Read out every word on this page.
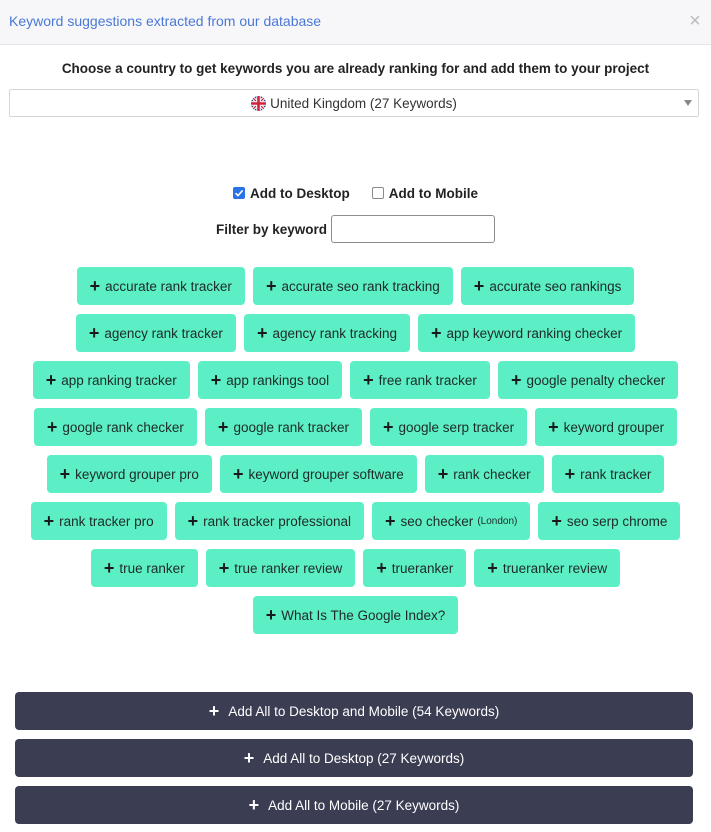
Keyword suggestions extracted from our database	×
Choose a country to get keywords you are already ranking for and add them to your project
United Kingdom (27 Keywords)
Add to Desktop	Add to Mobile
Filter by keyword
+ accurate rank tracker + accurate seo rank tracking + accurate seo rankings
+ agency rank tracker + agency rank tracking + app keyword ranking checker
+ app ranking tracker + app rankings tool + free rank tracker + google penalty checker
+ google rank checker + google rank tracker + google serp tracker + keyword grouper
+ keyword grouper pro + keyword grouper software + rank checker + rank tracker
+ rank tracker pro + rank tracker professional + seo checker (London) + seo serp chrome
+ true ranker + true ranker review + trueranker + trueranker review
+ What Is The Google Index?
+ Add All to Desktop and Mobile (54 Keywords)
+ Add All to Desktop (27 Keywords)
+ Add All to Mobile (27 Keywords)
